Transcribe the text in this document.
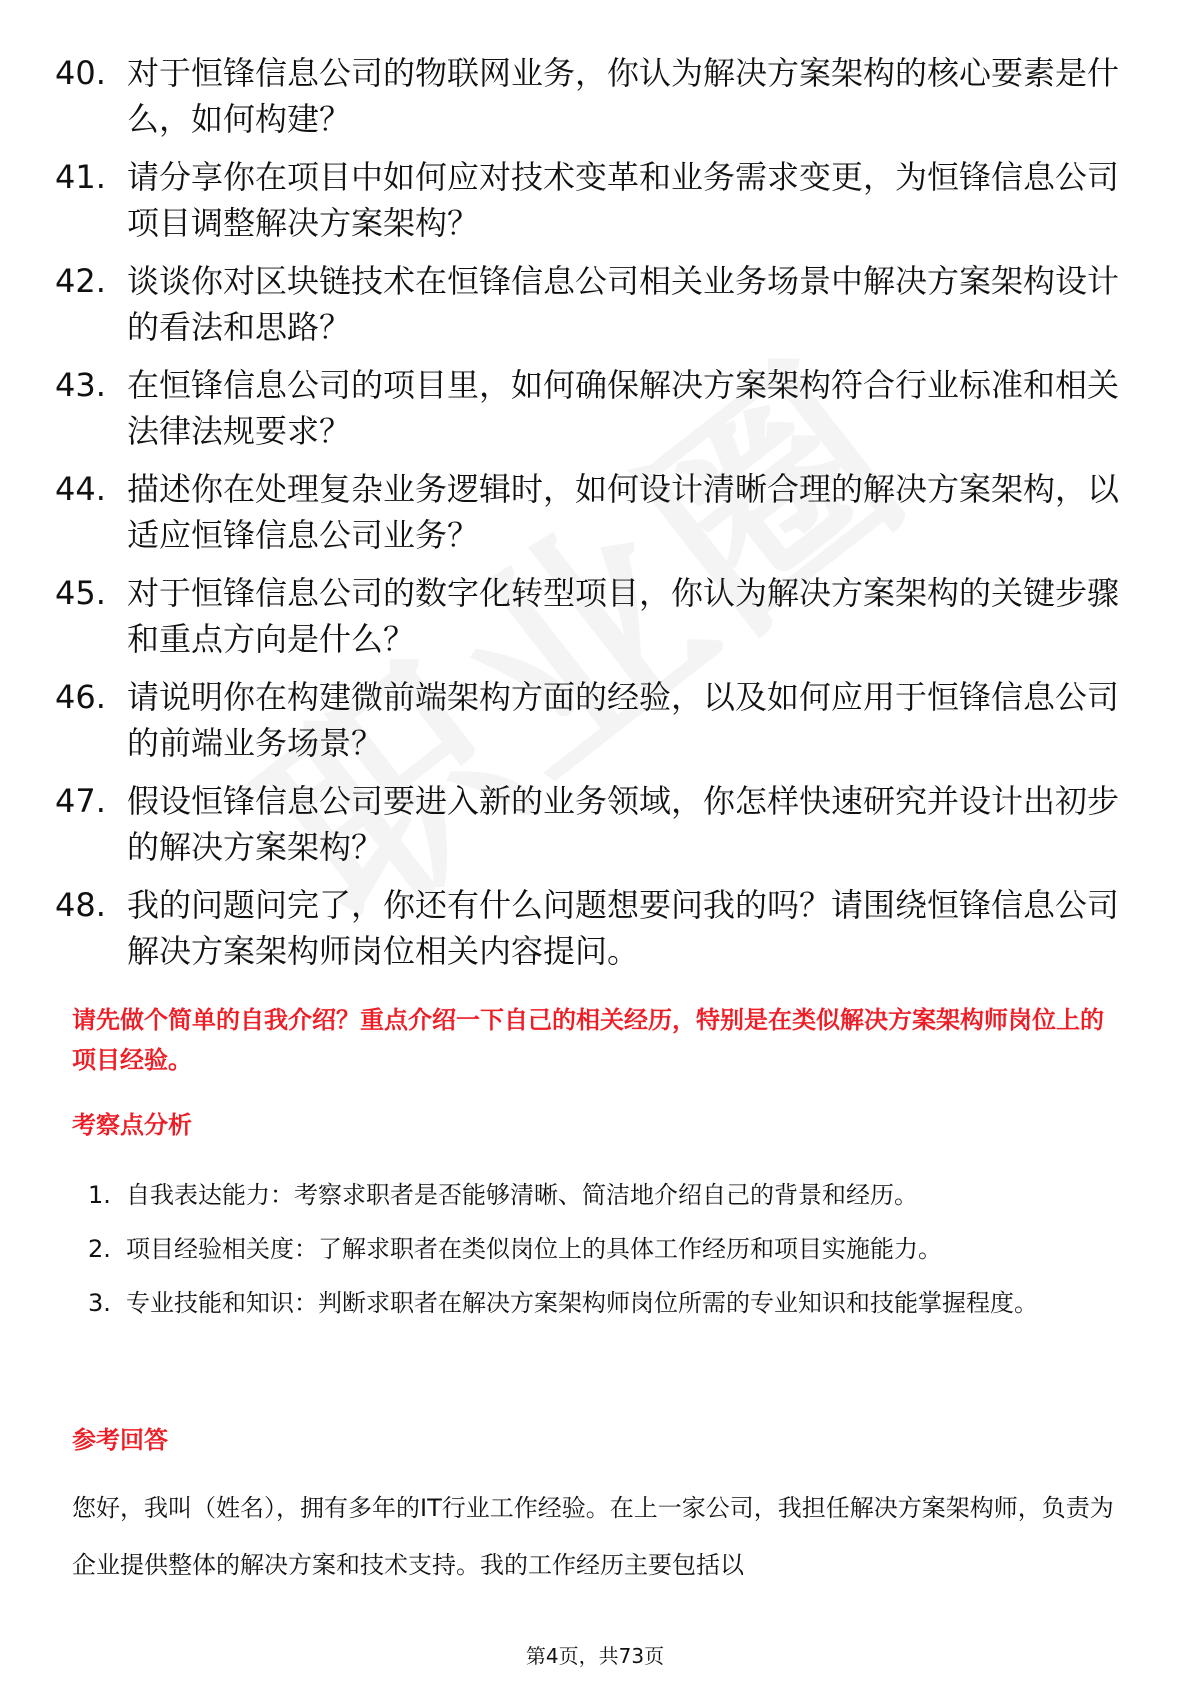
40. 对于恒锋信息公司的物联网业务，你认为解决方案架构的核心要素是什么，如何构建？
41. 请分享你在项目中如何应对技术变革和业务需求变更，为恒锋信息公司项目调整解决方案架构？
42. 谈谈你对区块链技术在恒锋信息公司相关业务场景中解决方案架构设计的看法和思路？
43. 在恒锋信息公司的项目里，如何确保解决方案架构符合行业标准和相关法律法规要求？
44. 描述你在处理复杂业务逻辑时，如何设计清晰合理的解决方案架构，以适应恒锋信息公司业务？
45. 对于恒锋信息公司的数字化转型项目，你认为解决方案架构的关键步骤和重点方向是什么？
46. 请说明你在构建微前端架构方面的经验，以及如何应用于恒锋信息公司的前端业务场景？
47. 假设恒锋信息公司要进入新的业务领域，你怎样快速研究并设计出初步的解决方案架构？
48. 我的问题问完了，你还有什么问题想要问我的吗？请围绕恒锋信息公司解决方案架构师岗位相关内容提问。

请先做个简单的自我介绍？重点介绍一下自己的相关经历，特别是在类似解决方案架构师岗位上的项目经验。

考察点分析
1. 自我表达能力：考察求职者是否能够清晰、简洁地介绍自己的背景和经历。
2. 项目经验相关度：了解求职者在类似岗位上的具体工作经历和项目实施能力。
3. 专业技能和知识：判断求职者在解决方案架构师岗位所需的专业知识和技能掌握程度。
参考回答

您好，我叫（姓名），拥有多年的IT行业工作经验。在上一家公司，我担任解决方案架构师，负责为企业提供整体的解决方案和技术支持。我的工作经历主要包括以

第4页，共73页
